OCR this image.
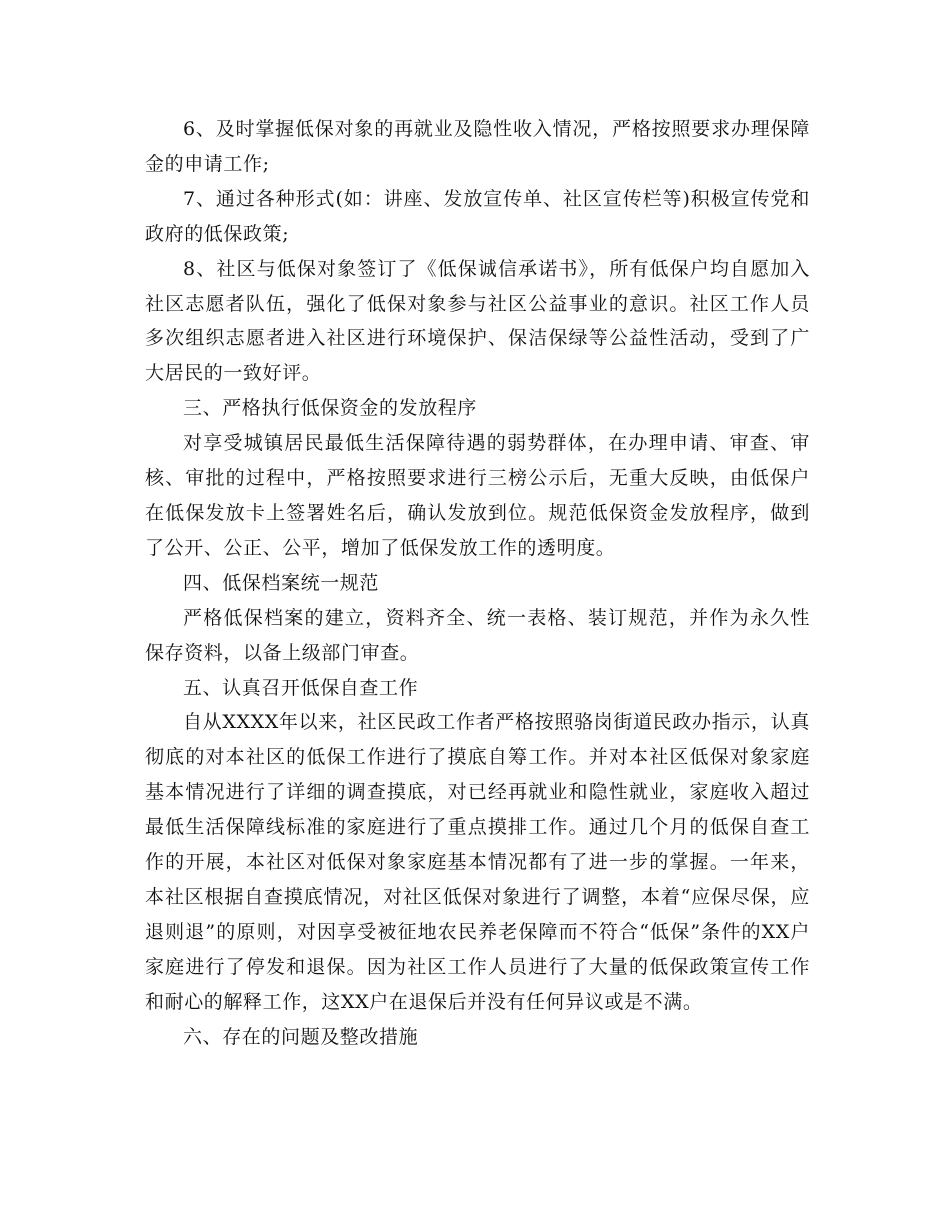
6、及时掌握低保对象的再就业及隐性收入情况，严格按照要求办理保障金的申请工作;

7、通过各种形式(如：讲座、发放宣传单、社区宣传栏等)积极宣传党和政府的低保政策;

8、社区与低保对象签订了《低保诚信承诺书》，所有低保户均自愿加入社区志愿者队伍，强化了低保对象参与社区公益事业的意识。社区工作人员多次组织志愿者进入社区进行环境保护、保洁保绿等公益性活动，受到了广大居民的一致好评。

三、严格执行低保资金的发放程序

对享受城镇居民最低生活保障待遇的弱势群体，在办理申请、审查、审核、审批的过程中，严格按照要求进行三榜公示后，无重大反映，由低保户在低保发放卡上签署姓名后，确认发放到位。规范低保资金发放程序，做到了公开、公正、公平，增加了低保发放工作的透明度。

四、低保档案统一规范

严格低保档案的建立，资料齐全、统一表格、装订规范，并作为永久性保存资料，以备上级部门审查。

五、认真召开低保自查工作

自从XXXX年以来，社区民政工作者严格按照骆岗街道民政办指示，认真彻底的对本社区的低保工作进行了摸底自筹工作。并对本社区低保对象家庭基本情况进行了详细的调查摸底，对已经再就业和隐性就业，家庭收入超过最低生活保障线标准的家庭进行了重点摸排工作。通过几个月的低保自查工作的开展，本社区对低保对象家庭基本情况都有了进一步的掌握。一年来，本社区根据自查摸底情况，对社区低保对象进行了调整，本着“应保尽保，应退则退”的原则，对因享受被征地农民养老保障而不符合“低保”条件的XX户家庭进行了停发和退保。因为社区工作人员进行了大量的低保政策宣传工作和耐心的解释工作，这XX户在退保后并没有任何异议或是不满。

六、存在的问题及整改措施
